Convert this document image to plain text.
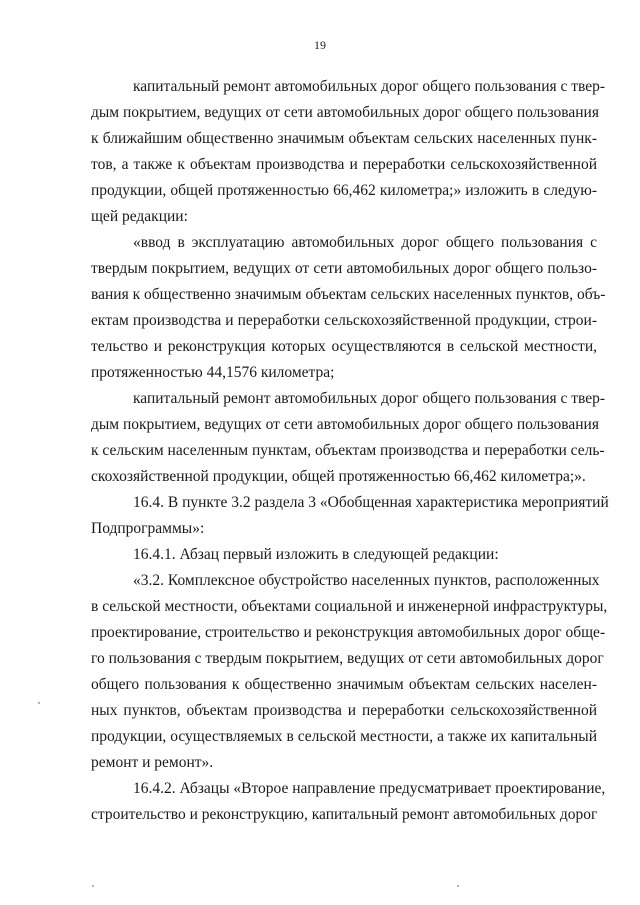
19
капитальный ремонт автомобильных дорог общего пользования с твер-
дым покрытием, ведущих от сети автомобильных дорог общего пользования
к ближайшим общественно значимым объектам сельских населенных пунк-
тов, а также к объектам производства и переработки сельскохозяйственной
продукции, общей протяженностью 66,462 километра;» изложить в следую-
щей редакции:
«ввод в эксплуатацию автомобильных дорог общего пользования с
твердым покрытием, ведущих от сети автомобильных дорог общего пользо-
вания к общественно значимым объектам сельских населенных пунктов, объ-
ектам производства и переработки сельскохозяйственной продукции, строи-
тельство и реконструкция которых осуществляются в сельской местности,
протяженностью 44,1576 километра;
капитальный ремонт автомобильных дорог общего пользования с твер-
дым покрытием, ведущих от сети автомобильных дорог общего пользования
к сельским населенным пунктам, объектам производства и переработки сель-
скохозяйственной продукции, общей протяженностью 66,462 километра;».
16.4. В пункте 3.2 раздела 3 «Обобщенная характеристика мероприятий
Подпрограммы»:
16.4.1. Абзац первый изложить в следующей редакции:
«3.2. Комплексное обустройство населенных пунктов, расположенных
в сельской местности, объектами социальной и инженерной инфраструктуры,
проектирование, строительство и реконструкция автомобильных дорог обще-
го пользования с твердым покрытием, ведущих от сети автомобильных дорог
общего пользования к общественно значимым объектам сельских населен-
ных пунктов, объектам производства и переработки сельскохозяйственной
продукции, осуществляемых в сельской местности, а также их капитальный
ремонт и ремонт».
16.4.2. Абзацы «Второе направление предусматривает проектирование,
строительство и реконструкцию, капитальный ремонт автомобильных дорог
